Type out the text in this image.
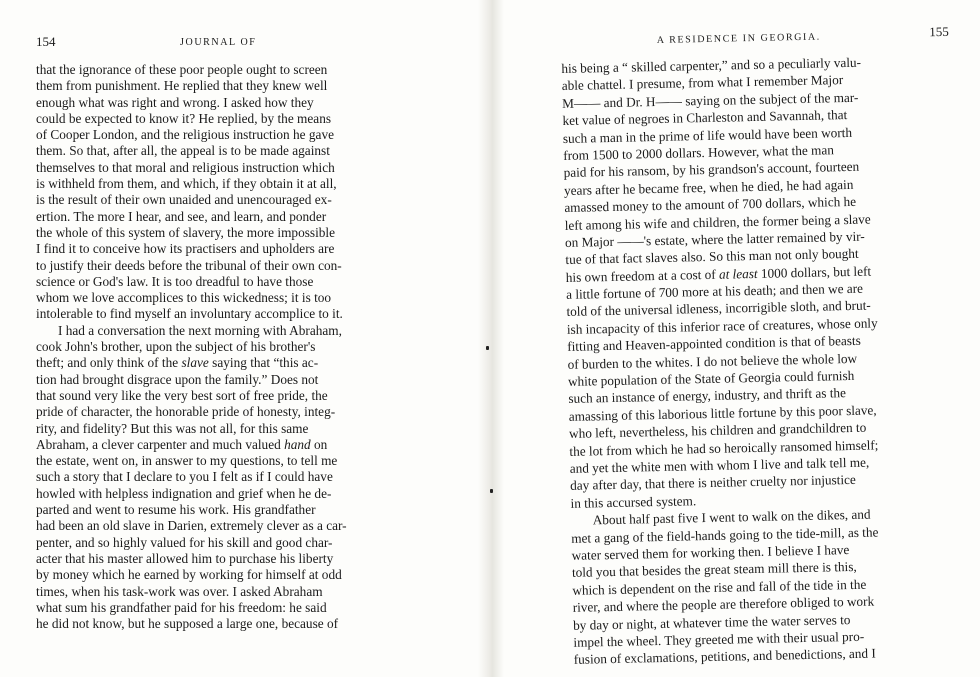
154	JOURNAL OF
that the ignorance of these poor people ought to screen
them from punishment. He replied that they knew well
enough what was right and wrong. I asked how they
could be expected to know it? He replied, by the means
of Cooper London, and the religious instruction he gave
them. So that, after all, the appeal is to be made against
themselves to that moral and religious instruction which
is withheld from them, and which, if they obtain it at all,
is the result of their own unaided and unencouraged ex-
ertion. The more I hear, and see, and learn, and ponder
the whole of this system of slavery, the more impossible
I find it to conceive how its practisers and upholders are
to justify their deeds before the tribunal of their own con-
science or God's law. It is too dreadful to have those
whom we love accomplices to this wickedness; it is too
intolerable to find myself an involuntary accomplice to it.
I had a conversation the next morning with Abraham,
cook John's brother, upon the subject of his brother's
theft; and only think of the slave saying that “this ac-
tion had brought disgrace upon the family.” Does not
that sound very like the very best sort of free pride, the
pride of character, the honorable pride of honesty, integ-
rity, and fidelity? But this was not all, for this same
Abraham, a clever carpenter and much valued hand on
the estate, went on, in answer to my questions, to tell me
such a story that I declare to you I felt as if I could have
howled with helpless indignation and grief when he de-
parted and went to resume his work. His grandfather
had been an old slave in Darien, extremely clever as a car-
penter, and so highly valued for his skill and good char-
acter that his master allowed him to purchase his liberty
by money which he earned by working for himself at odd
times, when his task-work was over. I asked Abraham
what sum his grandfather paid for his freedom: he said
he did not know, but he supposed a large one, because of
A RESIDENCE IN GEORGIA.	155
his being a “ skilled carpenter,” and so a peculiarly valu-
able chattel. I presume, from what I remember Major
M—— and Dr. H—— saying on the subject of the mar-
ket value of negroes in Charleston and Savannah, that
such a man in the prime of life would have been worth
from 1500 to 2000 dollars. However, what the man
paid for his ransom, by his grandson's account, fourteen
years after he became free, when he died, he had again
amassed money to the amount of 700 dollars, which he
left among his wife and children, the former being a slave
on Major ——'s estate, where the latter remained by vir-
tue of that fact slaves also. So this man not only bought
his own freedom at a cost of at least 1000 dollars, but left
a little fortune of 700 more at his death; and then we are
told of the universal idleness, incorrigible sloth, and brut-
ish incapacity of this inferior race of creatures, whose only
fitting and Heaven-appointed condition is that of beasts
of burden to the whites. I do not believe the whole low
white population of the State of Georgia could furnish
such an instance of energy, industry, and thrift as the
amassing of this laborious little fortune by this poor slave,
who left, nevertheless, his children and grandchildren to
the lot from which he had so heroically ransomed himself;
and yet the white men with whom I live and talk tell me,
day after day, that there is neither cruelty nor injustice
in this accursed system.
About half past five I went to walk on the dikes, and
met a gang of the field-hands going to the tide-mill, as the
water served them for working then. I believe I have
told you that besides the great steam mill there is this,
which is dependent on the rise and fall of the tide in the
river, and where the people are therefore obliged to work
by day or night, at whatever time the water serves to
impel the wheel. They greeted me with their usual pro-
fusion of exclamations, petitions, and benedictions, and I
